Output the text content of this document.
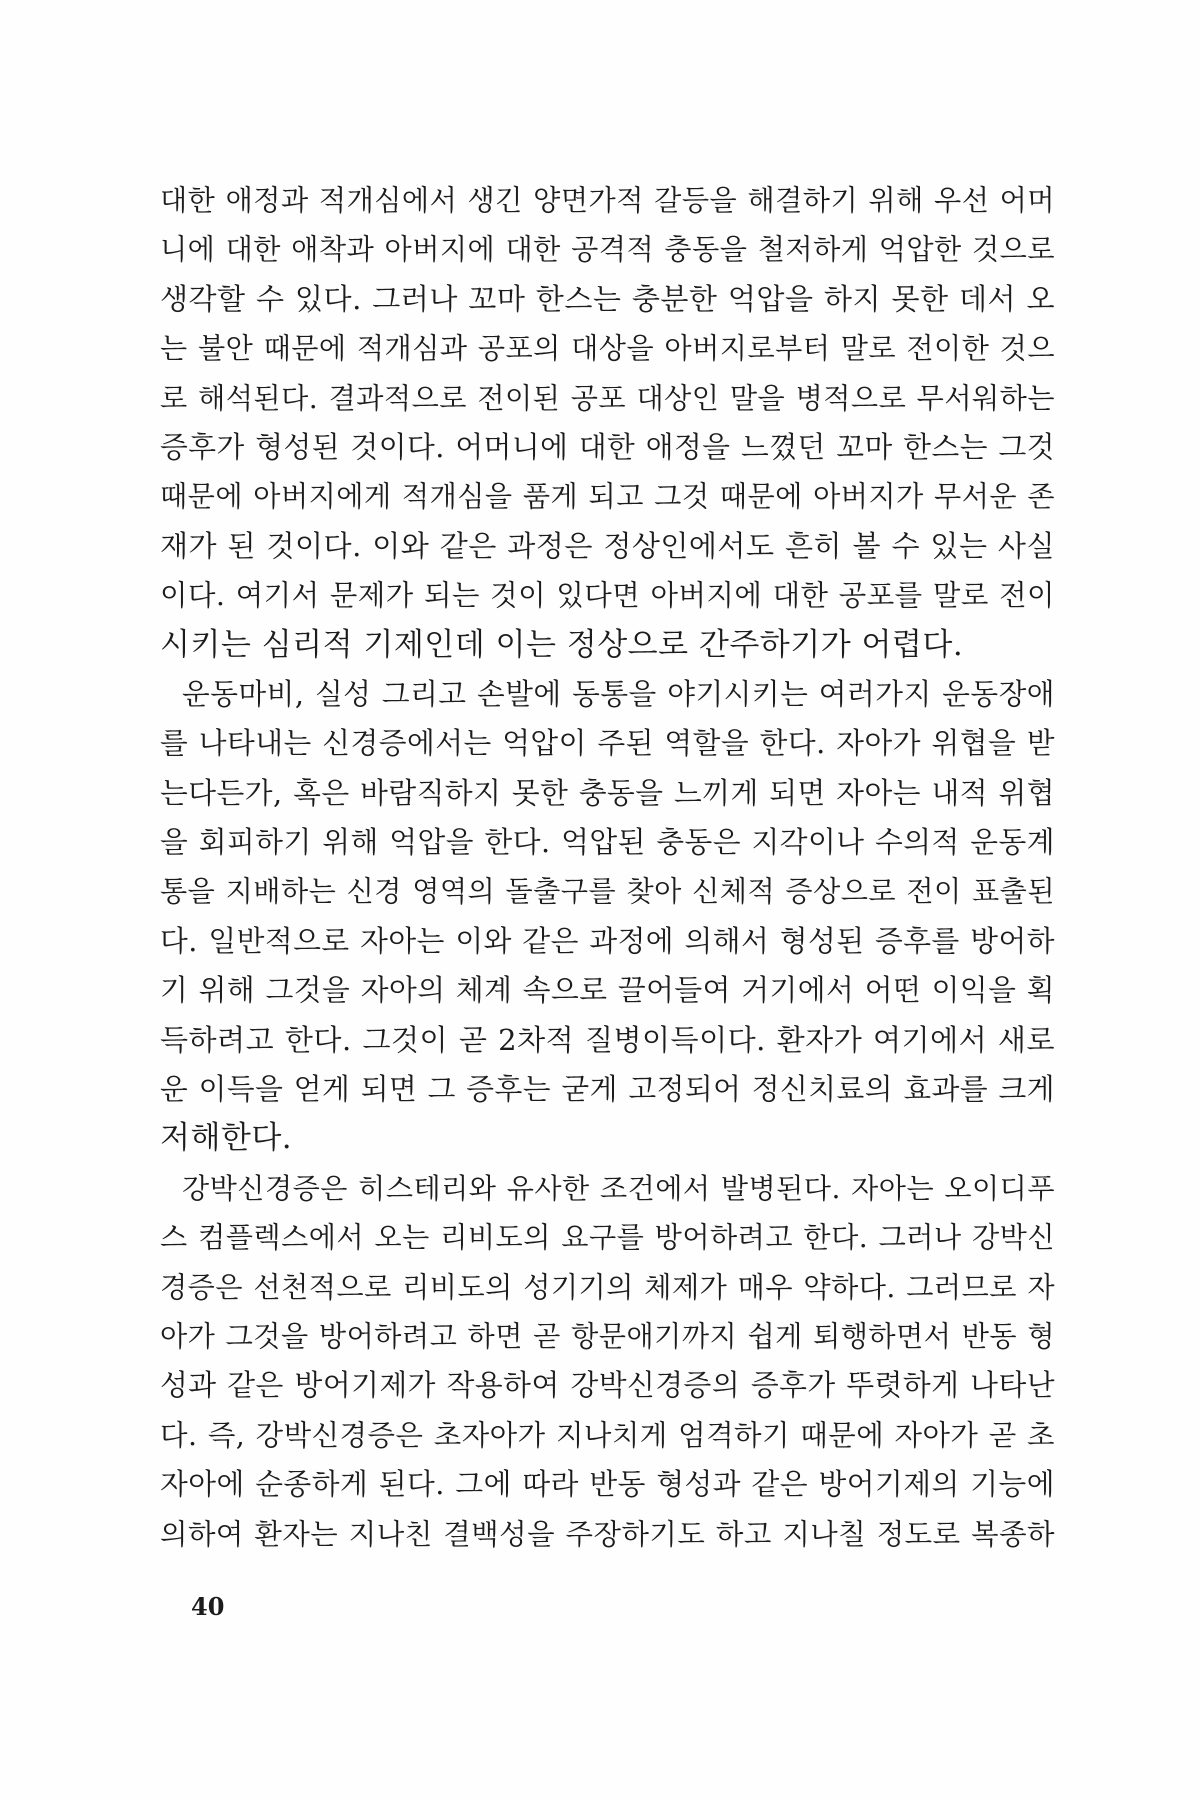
대한 애정과 적개심에서 생긴 양면가적 갈등을 해결하기 위해 우선 어머
니에 대한 애착과 아버지에 대한 공격적 충동을 철저하게 억압한 것으로
생각할 수 있다. 그러나 꼬마 한스는 충분한 억압을 하지 못한 데서 오
는 불안 때문에 적개심과 공포의 대상을 아버지로부터 말로 전이한 것으
로 해석된다. 결과적으로 전이된 공포 대상인 말을 병적으로 무서워하는
증후가 형성된 것이다. 어머니에 대한 애정을 느꼈던 꼬마 한스는 그것
때문에 아버지에게 적개심을 품게 되고 그것 때문에 아버지가 무서운 존
재가 된 것이다. 이와 같은 과정은 정상인에서도 흔히 볼 수 있는 사실
이다. 여기서 문제가 되는 것이 있다면 아버지에 대한 공포를 말로 전이
시키는 심리적 기제인데 이는 정상으로 간주하기가 어렵다.
운동마비, 실성 그리고 손발에 동통을 야기시키는 여러가지 운동장애
를 나타내는 신경증에서는 억압이 주된 역할을 한다. 자아가 위협을 받
는다든가, 혹은 바람직하지 못한 충동을 느끼게 되면 자아는 내적 위협
을 회피하기 위해 억압을 한다. 억압된 충동은 지각이나 수의적 운동계
통을 지배하는 신경 영역의 돌출구를 찾아 신체적 증상으로 전이 표출된
다. 일반적으로 자아는 이와 같은 과정에 의해서 형성된 증후를 방어하
기 위해 그것을 자아의 체계 속으로 끌어들여 거기에서 어떤 이익을 획
득하려고 한다. 그것이 곧 2차적 질병이득이다. 환자가 여기에서 새로
운 이득을 얻게 되면 그 증후는 굳게 고정되어 정신치료의 효과를 크게
저해한다.
강박신경증은 히스테리와 유사한 조건에서 발병된다. 자아는 오이디푸
스 컴플렉스에서 오는 리비도의 요구를 방어하려고 한다. 그러나 강박신
경증은 선천적으로 리비도의 성기기의 체제가 매우 약하다. 그러므로 자
아가 그것을 방어하려고 하면 곧 항문애기까지 쉽게 퇴행하면서 반동 형
성과 같은 방어기제가 작용하여 강박신경증의 증후가 뚜렷하게 나타난
다. 즉, 강박신경증은 초자아가 지나치게 엄격하기 때문에 자아가 곧 초
자아에 순종하게 된다. 그에 따라 반동 형성과 같은 방어기제의 기능에
의하여 환자는 지나친 결백성을 주장하기도 하고 지나칠 정도로 복종하
40
